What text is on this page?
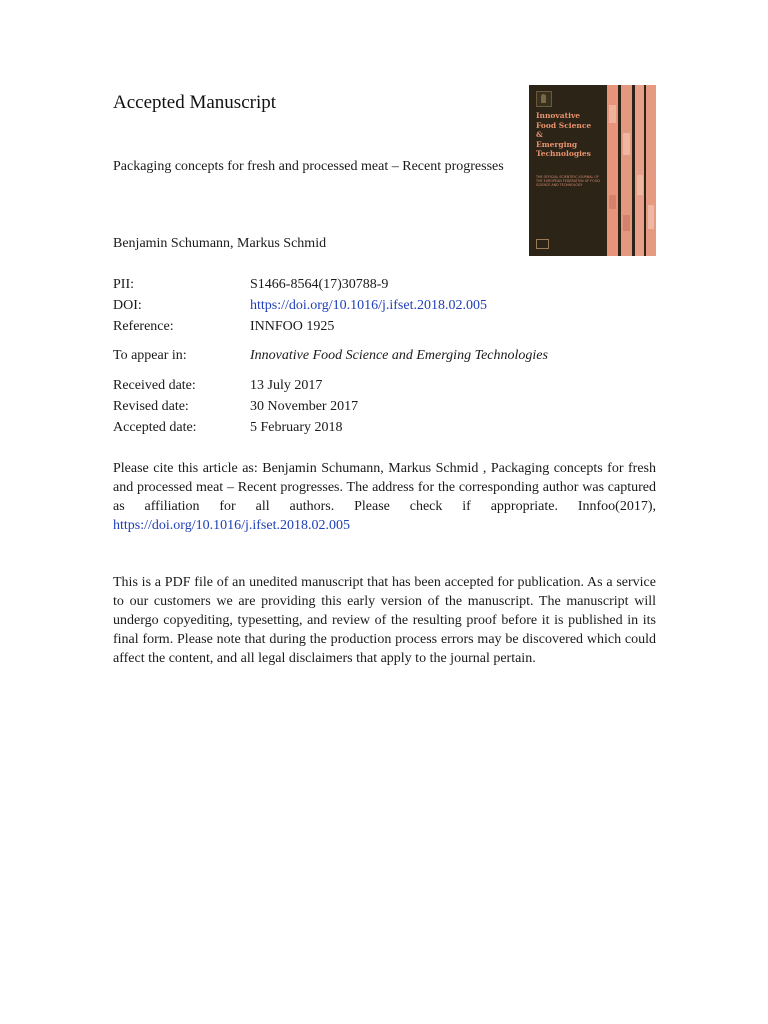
Accepted Manuscript
Packaging concepts for fresh and processed meat – Recent progresses
Benjamin Schumann, Markus Schmid
PII:	S1466-8564(17)30788-9
DOI:	https://doi.org/10.1016/j.ifset.2018.02.005
Reference:	INNFOO 1925
To appear in:	Innovative Food Science and Emerging Technologies
Received date:	13 July 2017
Revised date:	30 November 2017
Accepted date:	5 February 2018
Please cite this article as: Benjamin Schumann, Markus Schmid , Packaging concepts for fresh and processed meat – Recent progresses. The address for the corresponding author was captured as affiliation for all authors. Please check if appropriate. Innfoo(2017), https://doi.org/10.1016/j.ifset.2018.02.005
This is a PDF file of an unedited manuscript that has been accepted for publication. As a service to our customers we are providing this early version of the manuscript. The manuscript will undergo copyediting, typesetting, and review of the resulting proof before it is published in its final form. Please note that during the production process errors may be discovered which could affect the content, and all legal disclaimers that apply to the journal pertain.
Innovative
Food Science
&
Emerging
Technologies
THE OFFICIAL SCIENTIFIC JOURNAL OF THE EUROPEAN FEDERATION OF FOOD SCIENCE AND TECHNOLOGY
